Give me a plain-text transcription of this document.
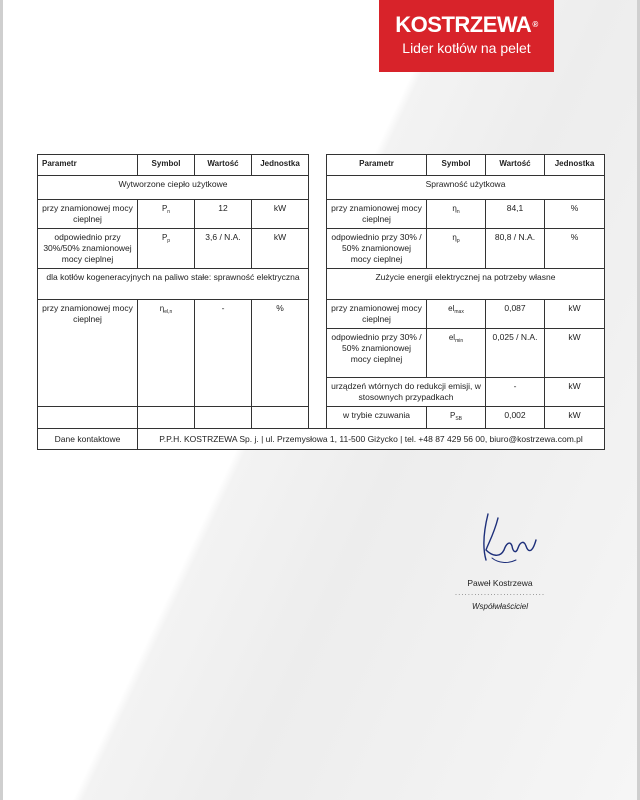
KOSTRZEWA®
Lider kotłów na pelet
Parametr	Symbol	Wartość	Jednostka		Parametr	Symbol	Wartość	Jednostka
Wytworzone ciepło użytkowe					Sprawność użytkowa			
przy znamionowej mocy cieplnej	$P_n$	12	kW		przy znamionowej mocy cieplnej	$\eta_n$	84,1	%
odpowiednio przy 30%/50% znamionowej mocy cieplnej	$P_p$	3,6 / N.A.	kW		odpowiednio przy 30% / 50% znamionowej mocy cieplnej	$\eta_p$	80,8 / N.A.	%
dla kotłów kogeneracyjnych na paliwo stałe: sprawność elektryczna					Zużycie energii elektrycznej na potrzeby własne			
przy znamionowej mocy cieplnej	$\eta_{el,n}$	-	%		przy znamionowej mocy cieplnej	$el_{max}$	0,087	kW
					odpowiednio przy 30% / 50% znamionowej mocy cieplnej	$el_{min}$	0,025 / N.A.	kW
					urządzeń wtórnych do redukcji emisji, w stosownych przypadkach		-	kW
					w trybie czuwania	$P_{SB}$	0,002	kW
Dane kontaktowe	P.P.H. KOSTRZEWA Sp. j. | ul. Przemysłowa 1, 11-500 Giżycko | tel. +48 87 429 56 00, biuro@kostrzewa.com.pl							
Paweł Kostrzewa
............................
Współwłaściciel
